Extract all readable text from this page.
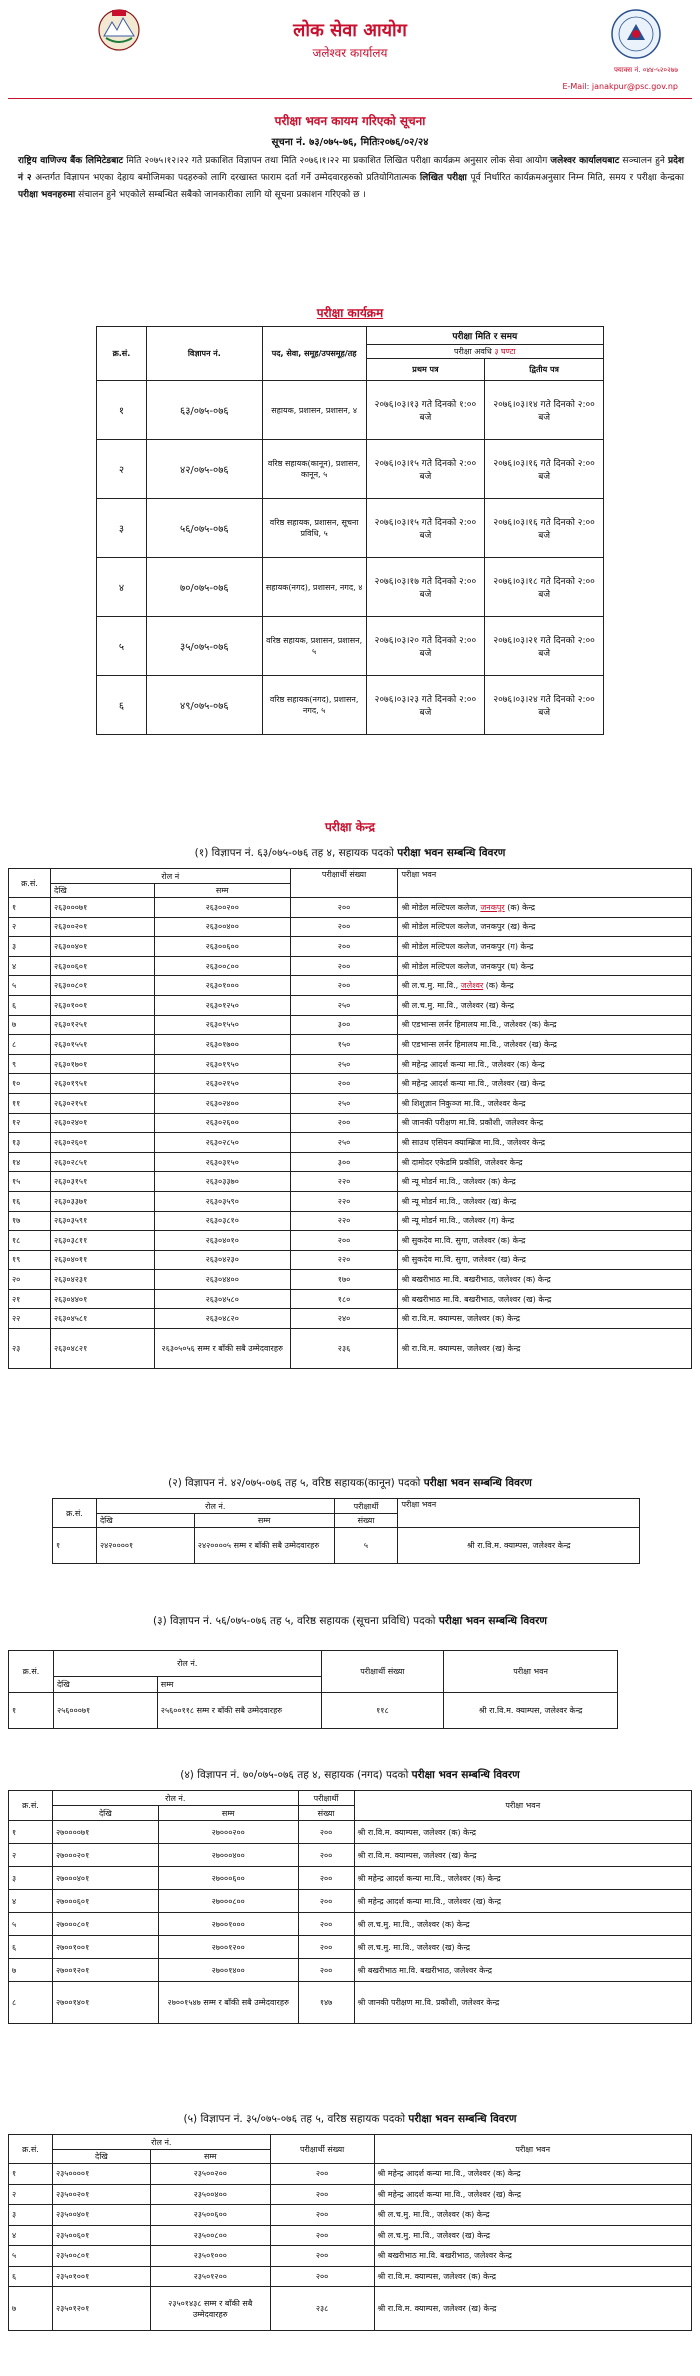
लोक सेवा आयोग
जलेश्वर कार्यालय
फ्याक्स नं. ०४४-५२०२७७
E-Mail: janakpur@psc.gov.np
परीक्षा भवन कायम गरिएको सूचना
सूचना नं. ७३/०७५-७६, मितिः२०७६/०२/२४
राष्ट्रिय वाणिज्य बैंक लिमिटेडबाट मिति २०७५।१२।२२ गते प्रकाशित विज्ञापन तथा मिति २०७६।१।२२ मा प्रकाशित लिखित परीक्षा कार्यक्रम अनुसार लोक सेवा आयोग जलेश्वर कार्यालयबाट सञ्चालन हुने प्रदेश नं २ अन्तर्गत विज्ञापन भएका देहाय बमोजिमका पदहरुको लागि दरखास्त फाराम दर्ता गर्ने उम्मेदवारहरुको प्रतियोगितात्मक लिखित परीक्षा पूर्व निर्धारित कार्यक्रमअनुसार निम्न मिति, समय र परीक्षा केन्द्रका परीक्षा भवनहरुमा संचालन हुने भएकोले सम्बन्धित सबैको जानकारीका लागि यो सूचना प्रकाशन गरिएको छ ।
परीक्षा कार्यक्रम
क्र.सं.	विज्ञापन नं.	पद, सेवा, समूह/उपसमूह/तह	परीक्षा मिति र समय	
			परीक्षा अवधि ३ घण्टा	
			प्रथम पत्र	द्वितीय पत्र
१	६३/०७५-०७६	सहायक, प्रशासन, प्रशासन, ४	२०७६।०३।१३ गते दिनको १:०० बजे	२०७६।०३।१४ गते दिनको २:०० बजे
२	४२/०७५-०७६	वरिष्ठ सहायक(कानून), प्रशासन, कानून, ५	२०७६।०३।१५ गते दिनको २:०० बजे	२०७६।०३।१६ गते दिनको २:०० बजे
३	५६/०७५-०७६	वरिष्ठ सहायक, प्रशासन, सूचना प्रविधि, ५	२०७६।०३।१५ गते दिनको २:०० बजे	२०७६।०३।१६ गते दिनको २:०० बजे
४	७०/०७५-०७६	सहायक(नगद), प्रशासन, नगद, ४	२०७६।०३।१७ गते दिनको २:०० बजे	२०७६।०३।१८ गते दिनको २:०० बजे
५	३५/०७५-०७६	वरिष्ठ सहायक, प्रशासन, प्रशासन, ५	२०७६।०३।२० गते दिनको २:०० बजे	२०७६।०३।२१ गते दिनको २:०० बजे
६	४९/०७५-०७६	वरिष्ठ सहायक(नगद), प्रशासन, नगद, ५	२०७६।०३।२३ गते दिनको २:०० बजे	२०७६।०३।२४ गते दिनको २:०० बजे
परीक्षा केन्द्र
(१) विज्ञापन नं. ६३/०७५-०७६ तह ४, सहायक पदको परीक्षा भवन सम्बन्धि विवरण
क्र.सं.	रोल नं		परीक्षार्थी संख्या	परीक्षा भवन
	देखि	सम्म		
१	२६३०००७१	२६३००२००	२००	श्री मोडेल मल्टिपल कलेज, जनकपुर (क) केन्द्र
२	२६३००२०१	२६३००४००	२००	श्री मोडेल मल्टिपल कलेज, जनकपुर (ख) केन्द्र
३	२६३००४०१	२६३००६००	२००	श्री मोडेल मल्टिपल कलेज, जनकपुर (ग) केन्द्र
४	२६३००६०१	२६३००८००	२००	श्री मोडेल मल्टिपल कलेज, जनकपुर (घ) केन्द्र
५	२६३००८०१	२६३०१०००	२००	श्री ल.च.मु. मा.वि., जलेश्वर (क) केन्द्र
६	२६३०१००१	२६३०१२५०	२५०	श्री ल.च.मु. मा.वि., जलेश्वर (ख) केन्द्र
७	२६३०१२५१	२६३०१५५०	३००	श्री एडभान्स लर्नर हिमालय मा.वि., जलेश्वर (क) केन्द्र
८	२६३०१५५१	२६३०१७००	१५०	श्री एडभान्स लर्नर हिमालय मा.वि., जलेश्वर (ख) केन्द्र
९	२६३०१७०१	२६३०१९५०	२५०	श्री महेन्द्र आदर्श कन्या मा.वि., जलेश्वर (क) केन्द्र
१०	२६३०१९५१	२६३०२१५०	२००	श्री महेन्द्र आदर्श कन्या मा.वि., जलेश्वर (ख) केन्द्र
११	२६३०२१५१	२६३०२४००	२५०	श्री शिशुज्ञान निकुञ्ज मा.वि., जलेश्वर केन्द्र
१२	२६३०२४०१	२६३०२६००	२००	श्री जानकी परीक्षण मा.वि. प्रकौशी, जलेश्वर केन्द्र
१३	२६३०२६०१	२६३०२८५०	२५०	श्री साउथ एसियन क्याम्ब्रिज मा.वि., जलेश्वर केन्द्र
१४	२६३०२८५१	२६३०३१५०	३००	श्री दामोदर एकेडमि प्रकौशि, जलेश्वर केन्द्र
१५	२६३०३१५१	२६३०३३७०	२२०	श्री न्यू मोडर्न मा.वि., जलेश्वर (क) केन्द्र
१६	२६३०३३७१	२६३०३५९०	२२०	श्री न्यू मोडर्न मा.वि., जलेश्वर (ख) केन्द्र
१७	२६३०३५९१	२६३०३८१०	२२०	श्री न्यू मोडर्न मा.वि., जलेश्वर (ग) केन्द्र
१८	२६३०३८११	२६३०४०१०	२००	श्री सुकदेव मा.वि. सुगा, जलेश्वर (क) केन्द्र
१९	२६३०४०११	२६३०४२३०	२२०	श्री सुकदेव मा.वि. सुगा, जलेश्वर (ख) केन्द्र
२०	२६३०४२३१	२६३०४४००	१७०	श्री बखरीभाठ मा.वि. बखरीभाठ, जलेश्वर (क) केन्द्र
२१	२६३०४४०१	२६३०४५८०	१८०	श्री बखरीभाठ मा.वि. बखरीभाठ, जलेश्वर (ख) केन्द्र
२२	२६३०४५८१	२६३०४८२०	२४०	श्री रा.वि.म. क्याम्पस, जलेश्वर (क) केन्द्र
२३	२६३०४८२१	२६३०५०५६ सम्म र बाँकी सबै उम्मेदवारहरु	२३६	श्री रा.वि.म. क्याम्पस, जलेश्वर (ख) केन्द्र
(२) विज्ञापन नं. ४२/०७५-०७६ तह ५, वरिष्ठ सहायक(कानून) पदको परीक्षा भवन सम्बन्धि विवरण
क्र.सं.	रोल नं.		परीक्षार्थी	परीक्षा भवन
	देखि	सम्म	संख्या	
१	२४२००००१	२४२००००५ सम्म र बाँकी सबै उम्मेदवारहरु	५	श्री रा.वि.म. क्याम्पस, जलेश्वर केन्द्र
(३) विज्ञापन नं. ५६/०७५-०७६ तह ५, वरिष्ठ सहायक (सूचना प्रविधि) पदको परीक्षा भवन सम्बन्धि विवरण
क्र.सं.	रोल नं.		परीक्षार्थी संख्या	परीक्षा भवन
	देखि	सम्म		
१	२५६०००७१	२५६००११८ सम्म र बाँकी सबै उम्मेदवारहरु	११८	श्री रा.वि.म. क्याम्पस, जलेश्वर केन्द्र
(४) विज्ञापन नं. ७०/०७५-०७६ तह ४, सहायक (नगद) पदको परीक्षा भवन सम्बन्धि विवरण
क्र.सं.	रोल नं.		परीक्षार्थी	परीक्षा भवन
	देखि	सम्म	संख्या	
१	२७००००७१	२७०००२००	२००	श्री रा.वि.म. क्याम्पस, जलेश्वर (क) केन्द्र
२	२७०००२०१	२७०००४००	२००	श्री रा.वि.म. क्याम्पस, जलेश्वर (ख) केन्द्र
३	२७०००४०१	२७०००६००	२००	श्री महेन्द्र आदर्श कन्या मा.वि., जलेश्वर (क) केन्द्र
४	२७०००६०१	२७०००८००	२००	श्री महेन्द्र आदर्श कन्या मा.वि., जलेश्वर (ख) केन्द्र
५	२७०००८०१	२७००१०००	२००	श्री ल.च.मु. मा.वि., जलेश्वर (क) केन्द्र
६	२७००१००१	२७००१२००	२००	श्री ल.च.मु. मा.वि., जलेश्वर (ख) केन्द्र
७	२७००१२०१	२७००१४००	२००	श्री बखरीभाठ मा.वि. बखरीभाठ, जलेश्वर केन्द्र
८	२७००१४०१	२७००१५४७ सम्म र बाँकी सबै उम्मेदवारहरु	१४७	श्री जानकी परीक्षण मा.वि. प्रकौशी, जलेश्वर केन्द्र
(५) विज्ञापन नं. ३५/०७५-०७६ तह ५, वरिष्ठ सहायक पदको परीक्षा भवन सम्बन्धि विवरण
क्र.सं.	रोल नं.		परीक्षार्थी संख्या	परीक्षा भवन
	देखि	सम्म		
१	२३५००००१	२३५००२००	२००	श्री महेन्द्र आदर्श कन्या मा.वि., जलेश्वर (क) केन्द्र
२	२३५००२०१	२३५००४००	२००	श्री महेन्द्र आदर्श कन्या मा.वि., जलेश्वर (ख) केन्द्र
३	२३५००४०१	२३५००६००	२००	श्री ल.च.मु. मा.वि., जलेश्वर (क) केन्द्र
४	२३५००६०१	२३५००८००	२००	श्री ल.च.मु. मा.वि., जलेश्वर (ख) केन्द्र
५	२३५००८०१	२३५०१०००	२००	श्री बखरीभाठ मा.वि. बखरीभाठ, जलेश्वर केन्द्र
६	२३५०१००१	२३५०१२००	२००	श्री रा.वि.म. क्याम्पस, जलेश्वर (क) केन्द्र
७	२३५०१२०१	२३५०१४३८ सम्म र बाँकी सबै उम्मेदवारहरु	२३८	श्री रा.वि.म. क्याम्पस, जलेश्वर (ख) केन्द्र
